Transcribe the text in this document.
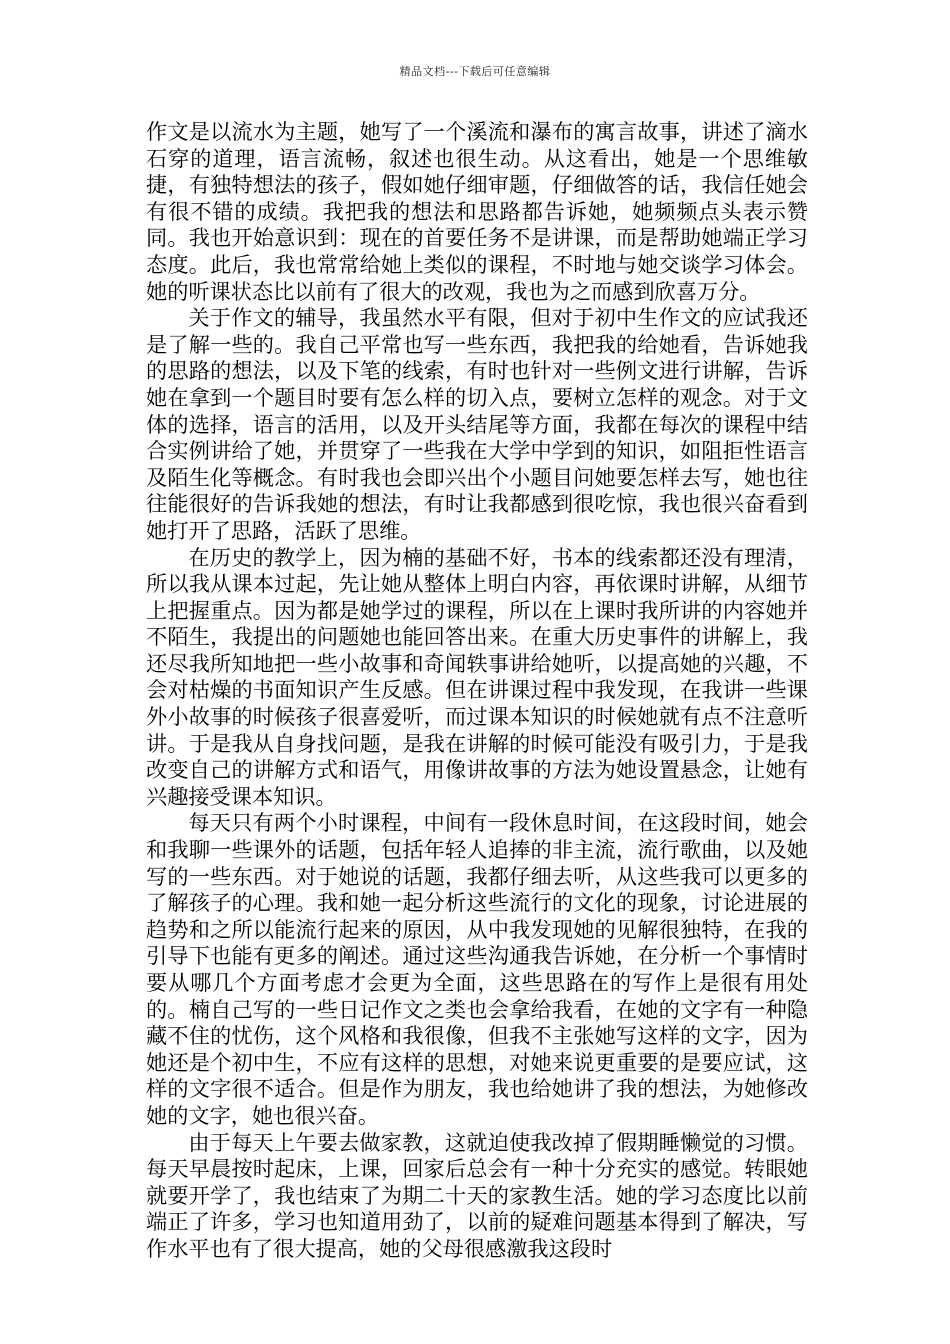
精品文档---下载后可任意编辑

作文是以流水为主题，她写了一个溪流和瀑布的寓言故事，讲述了滴水石穿的道理，语言流畅，叙述也很生动。从这看出，她是一个思维敏捷，有独特想法的孩子，假如她仔细审题，仔细做答的话，我信任她会有很不错的成绩。我把我的想法和思路都告诉她，她频频点头表示赞同。我也开始意识到：现在的首要任务不是讲课，而是帮助她端正学习态度。此后，我也常常给她上类似的课程，不时地与她交谈学习体会。她的听课状态比以前有了很大的改观，我也为之而感到欣喜万分。

关于作文的辅导，我虽然水平有限，但对于初中生作文的应试我还是了解一些的。我自己平常也写一些东西，我把我的给她看，告诉她我的思路的想法，以及下笔的线索，有时也针对一些例文进行讲解，告诉她在拿到一个题目时要有怎么样的切入点，要树立怎样的观念。对于文体的选择，语言的活用，以及开头结尾等方面，我都在每次的课程中结合实例讲给了她，并贯穿了一些我在大学中学到的知识，如阻拒性语言及陌生化等概念。有时我也会即兴出个小题目问她要怎样去写，她也往往能很好的告诉我她的想法，有时让我都感到很吃惊，我也很兴奋看到她打开了思路，活跃了思维。

在历史的教学上，因为楠的基础不好，书本的线索都还没有理清，所以我从课本过起，先让她从整体上明白内容，再依课时讲解，从细节上把握重点。因为都是她学过的课程，所以在上课时我所讲的内容她并不陌生，我提出的问题她也能回答出来。在重大历史事件的讲解上，我还尽我所知地把一些小故事和奇闻轶事讲给她听，以提高她的兴趣，不会对枯燥的书面知识产生反感。但在讲课过程中我发现，在我讲一些课外小故事的时候孩子很喜爱听，而过课本知识的时候她就有点不注意听讲。于是我从自身找问题，是我在讲解的时候可能没有吸引力，于是我改变自己的讲解方式和语气，用像讲故事的方法为她设置悬念，让她有兴趣接受课本知识。

每天只有两个小时课程，中间有一段休息时间，在这段时间，她会和我聊一些课外的话题，包括年轻人追捧的非主流，流行歌曲，以及她写的一些东西。对于她说的话题，我都仔细去听，从这些我可以更多的了解孩子的心理。我和她一起分析这些流行的文化的现象，讨论进展的趋势和之所以能流行起来的原因，从中我发现她的见解很独特，在我的引导下也能有更多的阐述。通过这些沟通我告诉她，在分析一个事情时要从哪几个方面考虑才会更为全面，这些思路在的写作上是很有用处的。楠自己写的一些日记作文之类也会拿给我看，在她的文字有一种隐藏不住的忧伤，这个风格和我很像，但我不主张她写这样的文字，因为她还是个初中生，不应有这样的思想，对她来说更重要的是要应试，这样的文字很不适合。但是作为朋友，我也给她讲了我的想法，为她修改她的文字，她也很兴奋。

由于每天上午要去做家教，这就迫使我改掉了假期睡懒觉的习惯。每天早晨按时起床，上课，回家后总会有一种十分充实的感觉。转眼她就要开学了，我也结束了为期二十天的家教生活。她的学习态度比以前端正了许多，学习也知道用劲了，以前的疑难问题基本得到了解决，写作水平也有了很大提高，她的父母很感激我这段时
